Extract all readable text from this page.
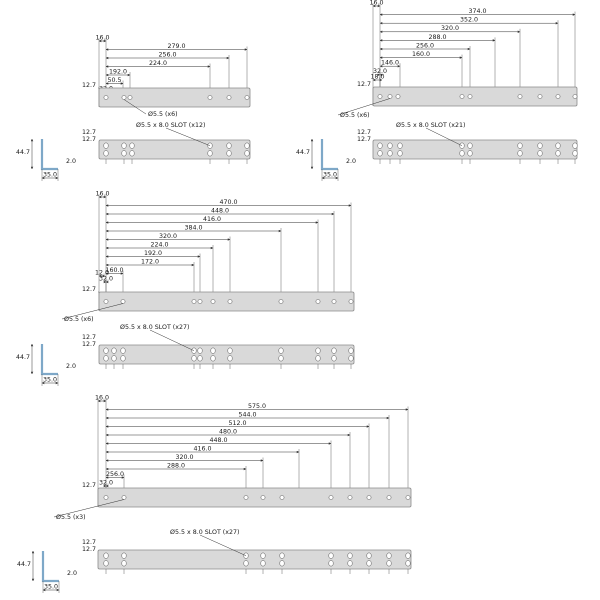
16.0
279.0
256.0
224.0
192.0
50.5
12.7
Ø5.5 (x6)
Ø5.5 x 8.0 SLOT (x12)
12.7
12.7
44.7
2.0
35.0
16.0
374.0
352.0
320.0
288.0
256.0
160.0
146.0
32.0
18.0
12.7
Ø5.5 (x6)
Ø5.5 x 8.0 SLOT (x21)
12.7
12.7
44.7
2.0
35.0
16.0
470.0
448.0
416.0
384.0
320.0
224.0
192.0
172.0
160.0
32.0
12.0
12.7
Ø5.5 (x6)
Ø5.5 x 8.0 SLOT (x27)
12.7
12.7
44.7
2.0
35.0
16.0
575.0
544.0
512.0
480.0
448.0
416.0
320.0
288.0
256.0
32.0
12.7
Ø5.5 (x3)
Ø5.5 x 8.0 SLOT (x27)
12.7
12.7
44.7
2.0
35.0
